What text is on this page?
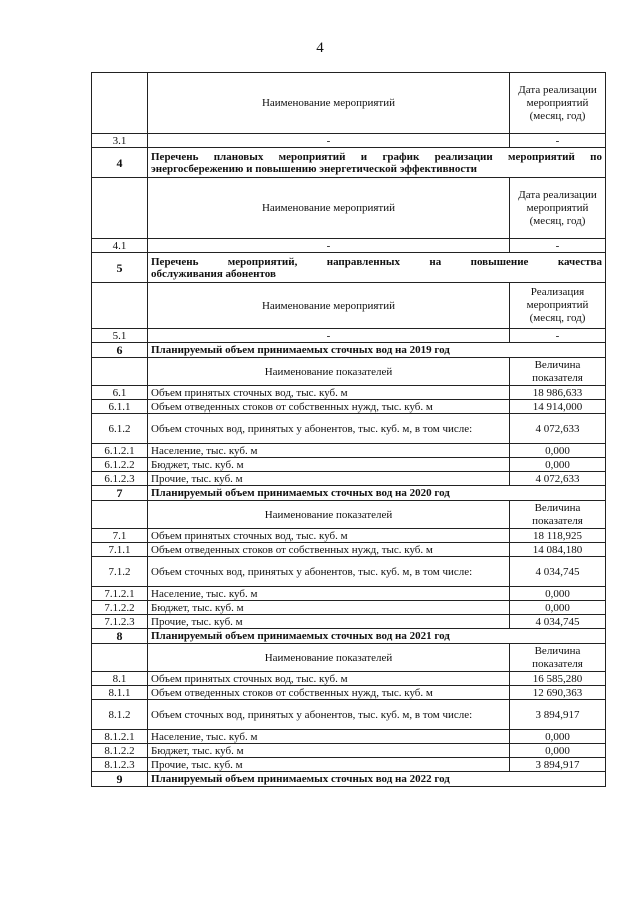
4
	Наименование мероприятий	Дата реализации мероприятий (месяц, год)
3.1	-	-
4	Перечень плановых мероприятий и график реализации мероприятий по
энергосбережению и повышению энергетической эффективности	

	Наименование мероприятий	Дата реализации мероприятий (месяц, год)
4.1	-	-
5	Перечень мероприятий, направленных на повышение качества
обслуживания абонентов	

	Наименование мероприятий	Реализация мероприятий (месяц, год)
5.1	-	-
6	Планируемый объем принимаемых сточных вод на 2019 год	
	Наименование показателей	Величина показателя
6.1	Объем принятых сточных вод, тыс. куб. м	18 986,633
6.1.1	Объем отведенных стоков от собственных нужд, тыс. куб. м	14 914,000
6.1.2	Объем сточных вод, принятых у абонентов, тыс. куб. м, в том числе:	4 072,633
6.1.2.1	Население, тыс. куб. м	0,000
6.1.2.2	Бюджет, тыс. куб. м	0,000
6.1.2.3	Прочие, тыс. куб. м	4 072,633
7	Планируемый объем принимаемых сточных вод на 2020 год	
	Наименование показателей	Величина показателя
7.1	Объем принятых сточных вод, тыс. куб. м	18 118,925
7.1.1	Объем отведенных стоков от собственных нужд, тыс. куб. м	14 084,180
7.1.2	Объем сточных вод, принятых у абонентов, тыс. куб. м, в том числе:	4 034,745
7.1.2.1	Население, тыс. куб. м	0,000
7.1.2.2	Бюджет, тыс. куб. м	0,000
7.1.2.3	Прочие, тыс. куб. м	4 034,745
8	Планируемый объем принимаемых сточных вод на 2021 год	
	Наименование показателей	Величина показателя
8.1	Объем принятых сточных вод, тыс. куб. м	16 585,280
8.1.1	Объем отведенных стоков от собственных нужд, тыс. куб. м	12 690,363
8.1.2	Объем сточных вод, принятых у абонентов, тыс. куб. м, в том числе:	3 894,917
8.1.2.1	Население, тыс. куб. м	0,000
8.1.2.2	Бюджет, тыс. куб. м	0,000
8.1.2.3	Прочие, тыс. куб. м	3 894,917
9	Планируемый объем принимаемых сточных вод на 2022 год	
